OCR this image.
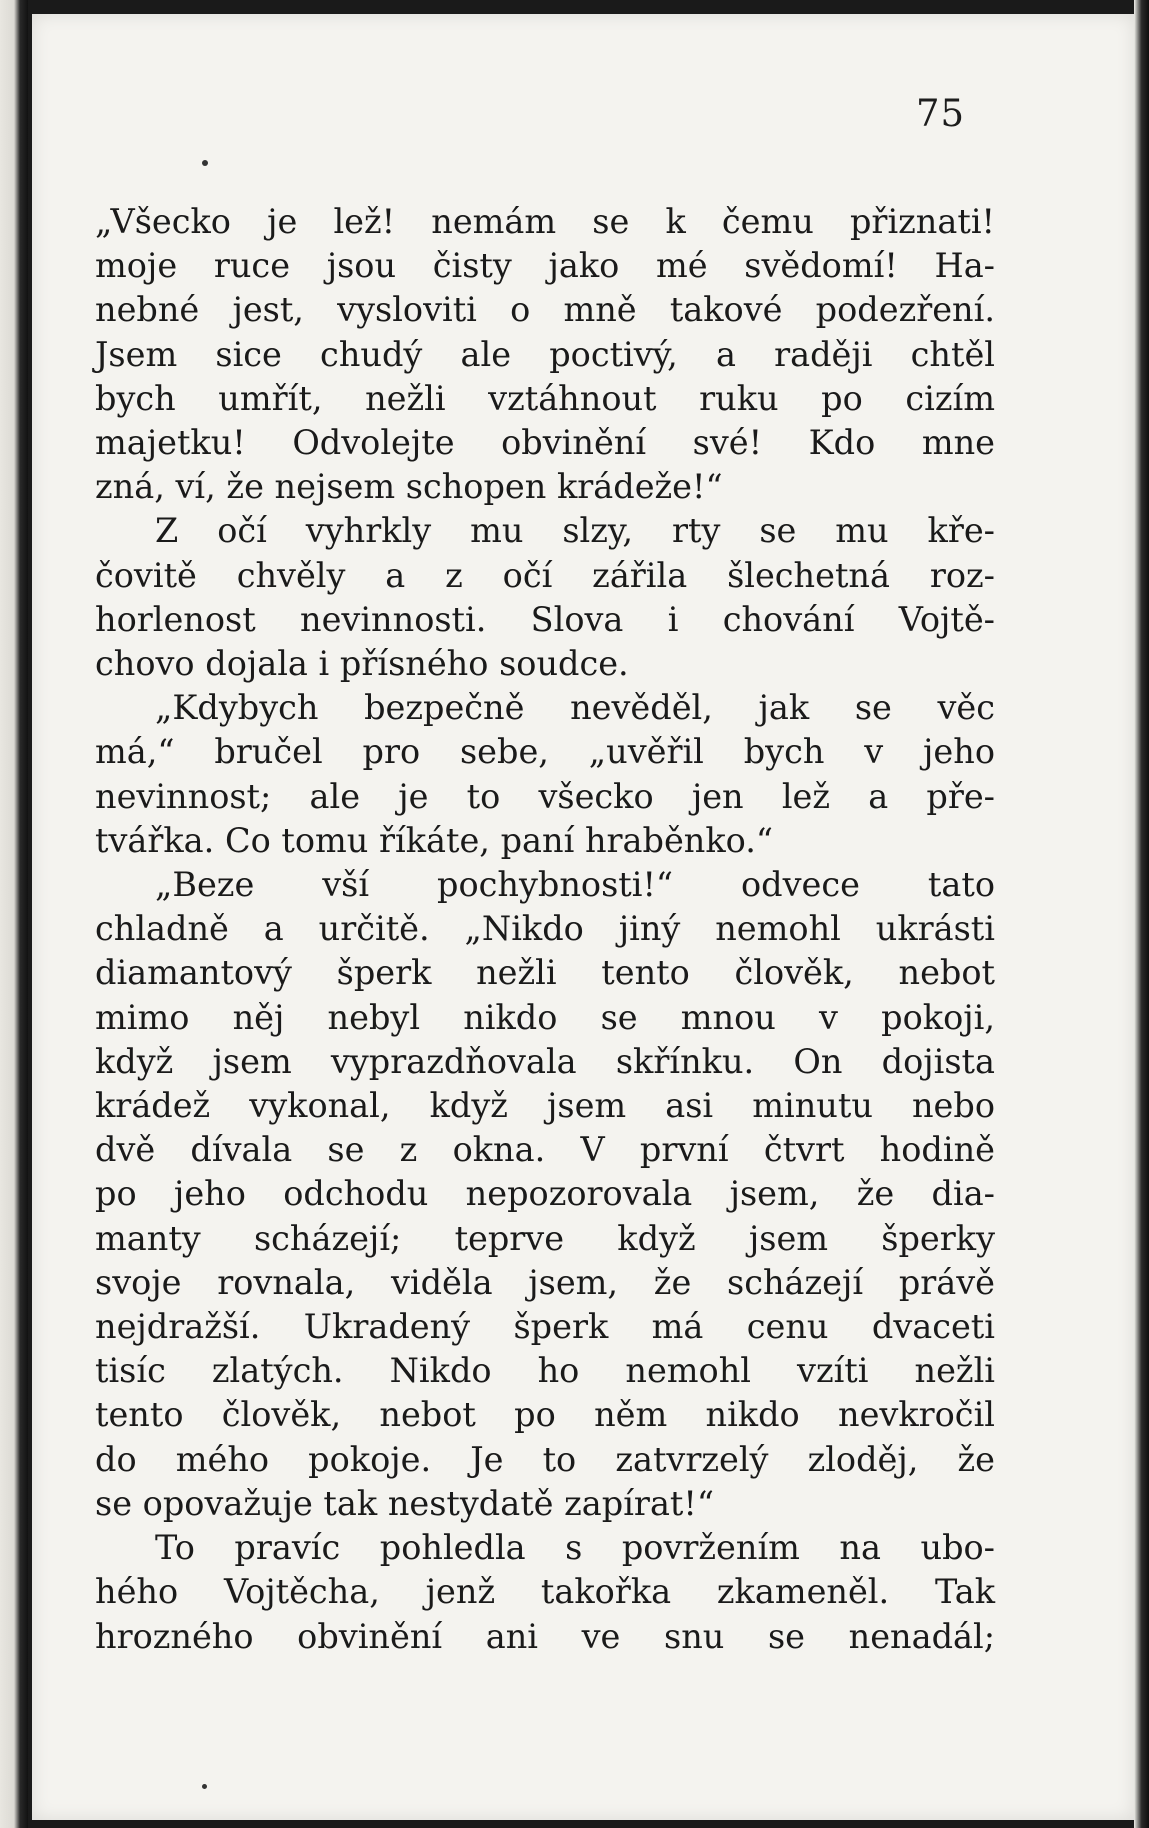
75
„Všecko je lež! nemám se k čemu přiznati!
moje ruce jsou čisty jako mé svědomí! Ha-
nebné jest, vysloviti o mně takové podezření.
Jsem sice chudý ale poctivý, a raději chtěl
bych umřít, nežli vztáhnout ruku po cizím
majetku! Odvolejte obvinění své! Kdo mne
zná, ví, že nejsem schopen krádeže!“
Z očí vyhrkly mu slzy, rty se mu kře-
čovitě chvěly a z očí zářila šlechetná roz-
horlenost nevinnosti. Slova i chování Vojtě-
chovo dojala i přísného soudce.
„Kdybych bezpečně nevěděl, jak se věc
má,“ bručel pro sebe, „uvěřil bych v jeho
nevinnost; ale je to všecko jen lež a pře-
tvářka. Co tomu říkáte, paní hraběnko.“
„Beze vší pochybnosti!“ odvece tato
chladně a určitě. „Nikdo jiný nemohl ukrásti
diamantový šperk nežli tento člověk, nebot
mimo něj nebyl nikdo se mnou v pokoji,
když jsem vyprazdňovala skřínku. On dojista
krádež vykonal, když jsem asi minutu nebo
dvě dívala se z okna. V první čtvrt hodině
po jeho odchodu nepozorovala jsem, že dia-
manty scházejí; teprve když jsem šperky
svoje rovnala, viděla jsem, že scházejí právě
nejdražší. Ukradený šperk má cenu dvaceti
tisíc zlatých. Nikdo ho nemohl vzíti nežli
tento člověk, nebot po něm nikdo nevkročil
do mého pokoje. Je to zatvrzelý zloděj, že
se opovažuje tak nestydatě zapírat!“
To pravíc pohledla s povržením na ubo-
hého Vojtěcha, jenž takořka zkameněl. Tak
hrozného obvinění ani ve snu se nenadál;
